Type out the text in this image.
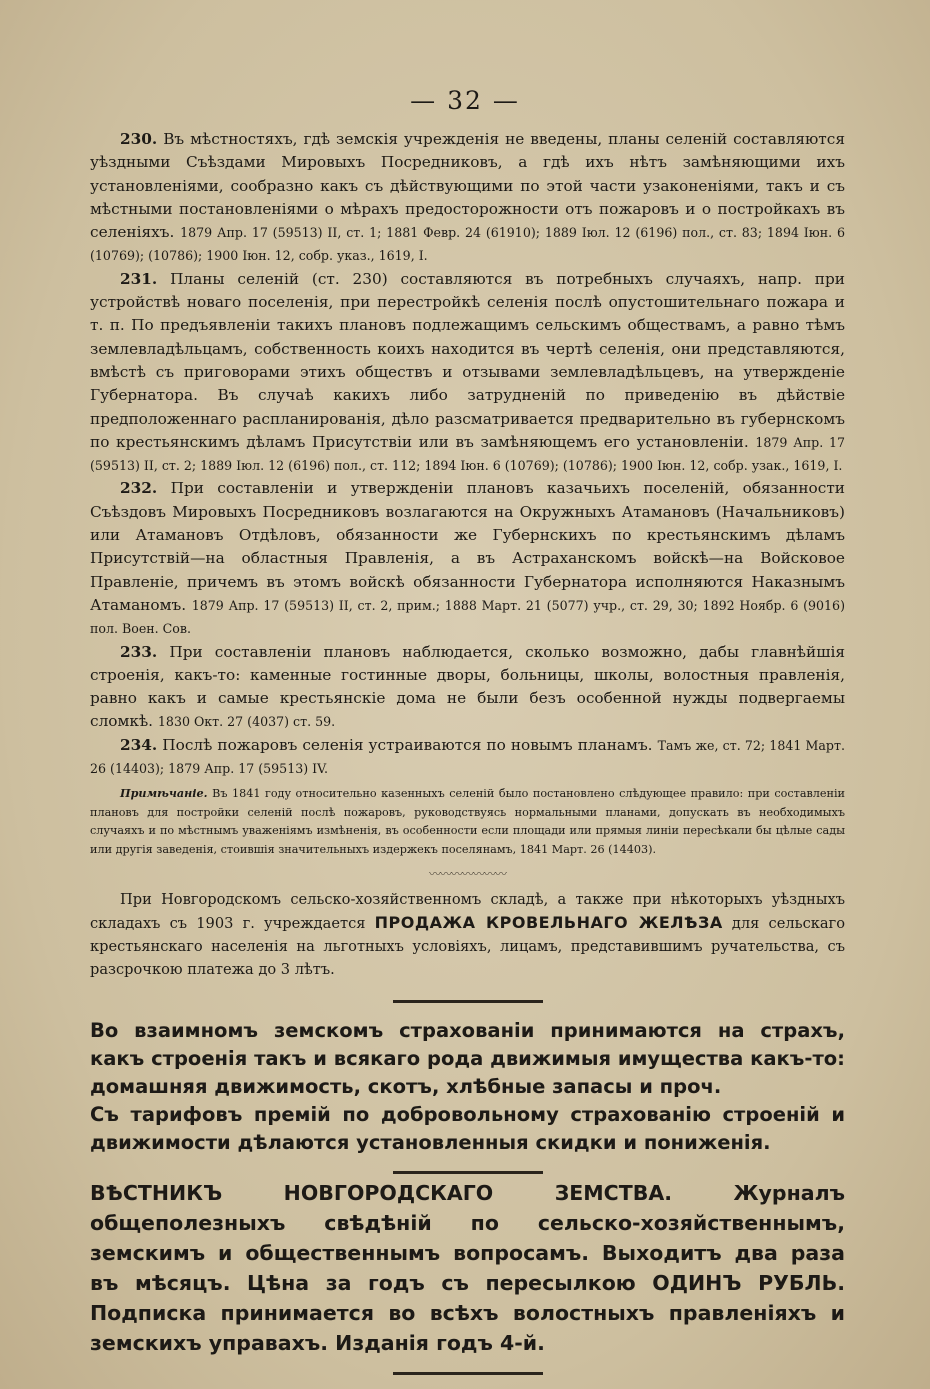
— 32 —

230. Въ мѣстностяхъ, гдѣ земскія учрежденія не введены, планы селеній составляются уѣздными Съѣздами Мировыхъ Посредниковъ, а гдѣ ихъ нѣтъ замѣняющими ихъ установленіями, сообразно какъ съ дѣйствующими по этой части узаконеніями, такъ и съ мѣстными постановленіями о мѣрахъ предосторожности отъ пожаровъ и о постройкахъ въ селеніяхъ. 1879 Апр. 17 (59513) II, ст. 1; 1881 Февр. 24 (61910); 1889 Іюл. 12 (6196) пол., ст. 83; 1894 Іюн. 6 (10769); (10786); 1900 Іюн. 12, собр. указ., 1619, I.

231. Планы селеній (ст. 230) составляются въ потребныхъ случаяхъ, напр. при устройствѣ новаго поселенія, при перестройкѣ селенія послѣ опустошительнаго пожара и т. п. По предъявленіи такихъ плановъ подлежащимъ сельскимъ обществамъ, а равно тѣмъ землевладѣльцамъ, собственность коихъ находится въ чертѣ селенія, они представляются, вмѣстѣ съ приговорами этихъ обществъ и отзывами землевладѣльцевъ, на утвержденіе Губернатора. Въ случаѣ какихъ либо затрудненій по приведенію въ дѣйствіе предположеннаго распланированія, дѣло разсматривается предварительно въ губернскомъ по крестьянскимъ дѣламъ Присутствіи или въ замѣняющемъ его установленіи. 1879 Апр. 17 (59513) II, ст. 2; 1889 Іюл. 12 (6196) пол., ст. 112; 1894 Іюн. 6 (10769); (10786); 1900 Іюн. 12, собр. узак., 1619, I.

232. При составленіи и утвержденіи плановъ казачьихъ поселеній, обязанности Съѣздовъ Мировыхъ Посредниковъ возлагаются на Окружныхъ Атамановъ (Начальниковъ) или Атамановъ Отдѣловъ, обязанности же Губернскихъ по крестьянскимъ дѣламъ Присутствій—на областныя Правленія, а въ Астраханскомъ войскѣ—на Войсковое Правленіе, причемъ въ этомъ войскѣ обязанности Губернатора исполняются Наказнымъ Атаманомъ. 1879 Апр. 17 (59513) II, ст. 2, прим.; 1888 Март. 21 (5077) учр., ст. 29, 30; 1892 Ноябр. 6 (9016) пол. Воен. Сов.

233. При составленіи плановъ наблюдается, сколько возможно, дабы главнѣйшія строенія, какъ-то: каменные гостинные дворы, больницы, школы, волостныя правленія, равно какъ и самые крестьянскіе дома не были безъ особенной нужды подвергаемы сломкѣ. 1830 Окт. 27 (4037) ст. 59.

234. Послѣ пожаровъ селенія устраиваются по новымъ планамъ. Тамъ же, ст. 72; 1841 Март. 26 (14403); 1879 Апр. 17 (59513) IV.

Примѣчаніе. Въ 1841 году относительно казенныхъ селеній было постановлено слѣдующее правило: при составленіи плановъ для постройки селеній послѣ пожаровъ, руководствуясь нормальными планами, допускать въ необходимыхъ случаяхъ и по мѣстнымъ уваженіямъ измѣненія, въ особенности если площади или прямыя линіи пересѣкали бы цѣлые сады или другія заведенія, стоившія значительныхъ издержекъ поселянамъ, 1841 Март. 26 (14403).

〰〰〰〰〰〰〰

При Новгородскомъ сельско-хозяйственномъ складѣ, а также при нѣкоторыхъ уѣздныхъ складахъ съ 1903 г. учреждается ПРОДАЖА КРОВЕЛЬНАГО ЖЕЛѢЗА для сельскаго крестьянскаго населенія на льготныхъ условіяхъ, лицамъ, представившимъ ручательства, съ разсрочкою платежа до 3 лѣтъ.

Во взаимномъ земскомъ страхованіи принимаются на страхъ, какъ строенія такъ и всякаго рода движимыя имущества какъ-то: домашняя движимость, скотъ, хлѣбные запасы и проч.

Съ тарифовъ премій по добровольному страхованію строеній и движимости дѣлаются установленныя скидки и пониженія.

ВѢСТНИКЪ НОВГОРОДСКАГО ЗЕМСТВА. Журналъ общеполезныхъ свѣдѣній по сельско-хозяйственнымъ, земскимъ и общественнымъ вопросамъ. Выходитъ два раза въ мѣсяцъ. Цѣна за годъ съ пересылкою ОДИНЪ РУБЛЬ. Подписка принимается во всѣхъ волостныхъ правленіяхъ и земскихъ управахъ. Изданія годъ 4-й.
